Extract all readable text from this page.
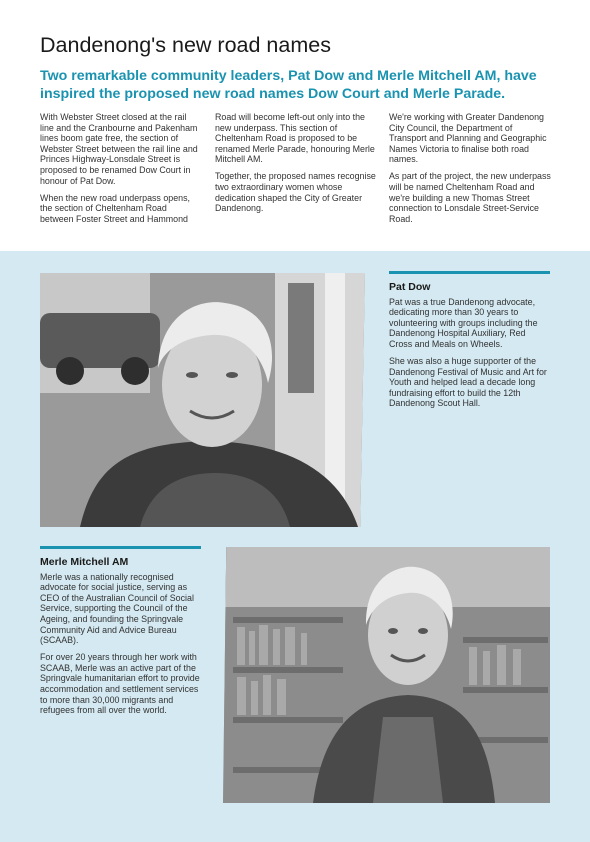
Dandenong's new road names
Two remarkable community leaders, Pat Dow and Merle Mitchell AM, have inspired the proposed new road names Dow Court and Merle Parade.

With Webster Street closed at the rail line and the Cranbourne and Pakenham lines boom gate free, the section of Webster Street between the rail line and Princes Highway-Lonsdale Street is proposed to be renamed Dow Court in honour of Pat Dow.

When the new road underpass opens, the section of Cheltenham Road between Foster Street and Hammond

Road will become left-out only into the new underpass. This section of Cheltenham Road is proposed to be renamed Merle Parade, honouring Merle Mitchell AM.

Together, the proposed names recognise two extraordinary women whose dedication shaped the City of Greater Dandenong.

We're working with Greater Dandenong City Council, the Department of Transport and Planning and Geographic Names Victoria to finalise both road names.

As part of the project, the new underpass will be named Cheltenham Road and we're building a new Thomas Street connection to Lonsdale Street-Service Road.

Pat Dow

Pat was a true Dandenong advocate, dedicating more than 30 years to volunteering with groups including the Dandenong Hospital Auxiliary, Red Cross and Meals on Wheels.

She was also a huge supporter of the Dandenong Festival of Music and Art for Youth and helped lead a decade long fundraising effort to build the 12th Dandenong Scout Hall.

Merle Mitchell AM

Merle was a nationally recognised advocate for social justice, serving as CEO of the Australian Council of Social Service, supporting the Council of the Ageing, and founding the Springvale Community Aid and Advice Bureau (SCAAB).

For over 20 years through her work with SCAAB, Merle was an active part of the Springvale humanitarian effort to provide accommodation and settlement services to more than 30,000 migrants and refugees from all over the world.
